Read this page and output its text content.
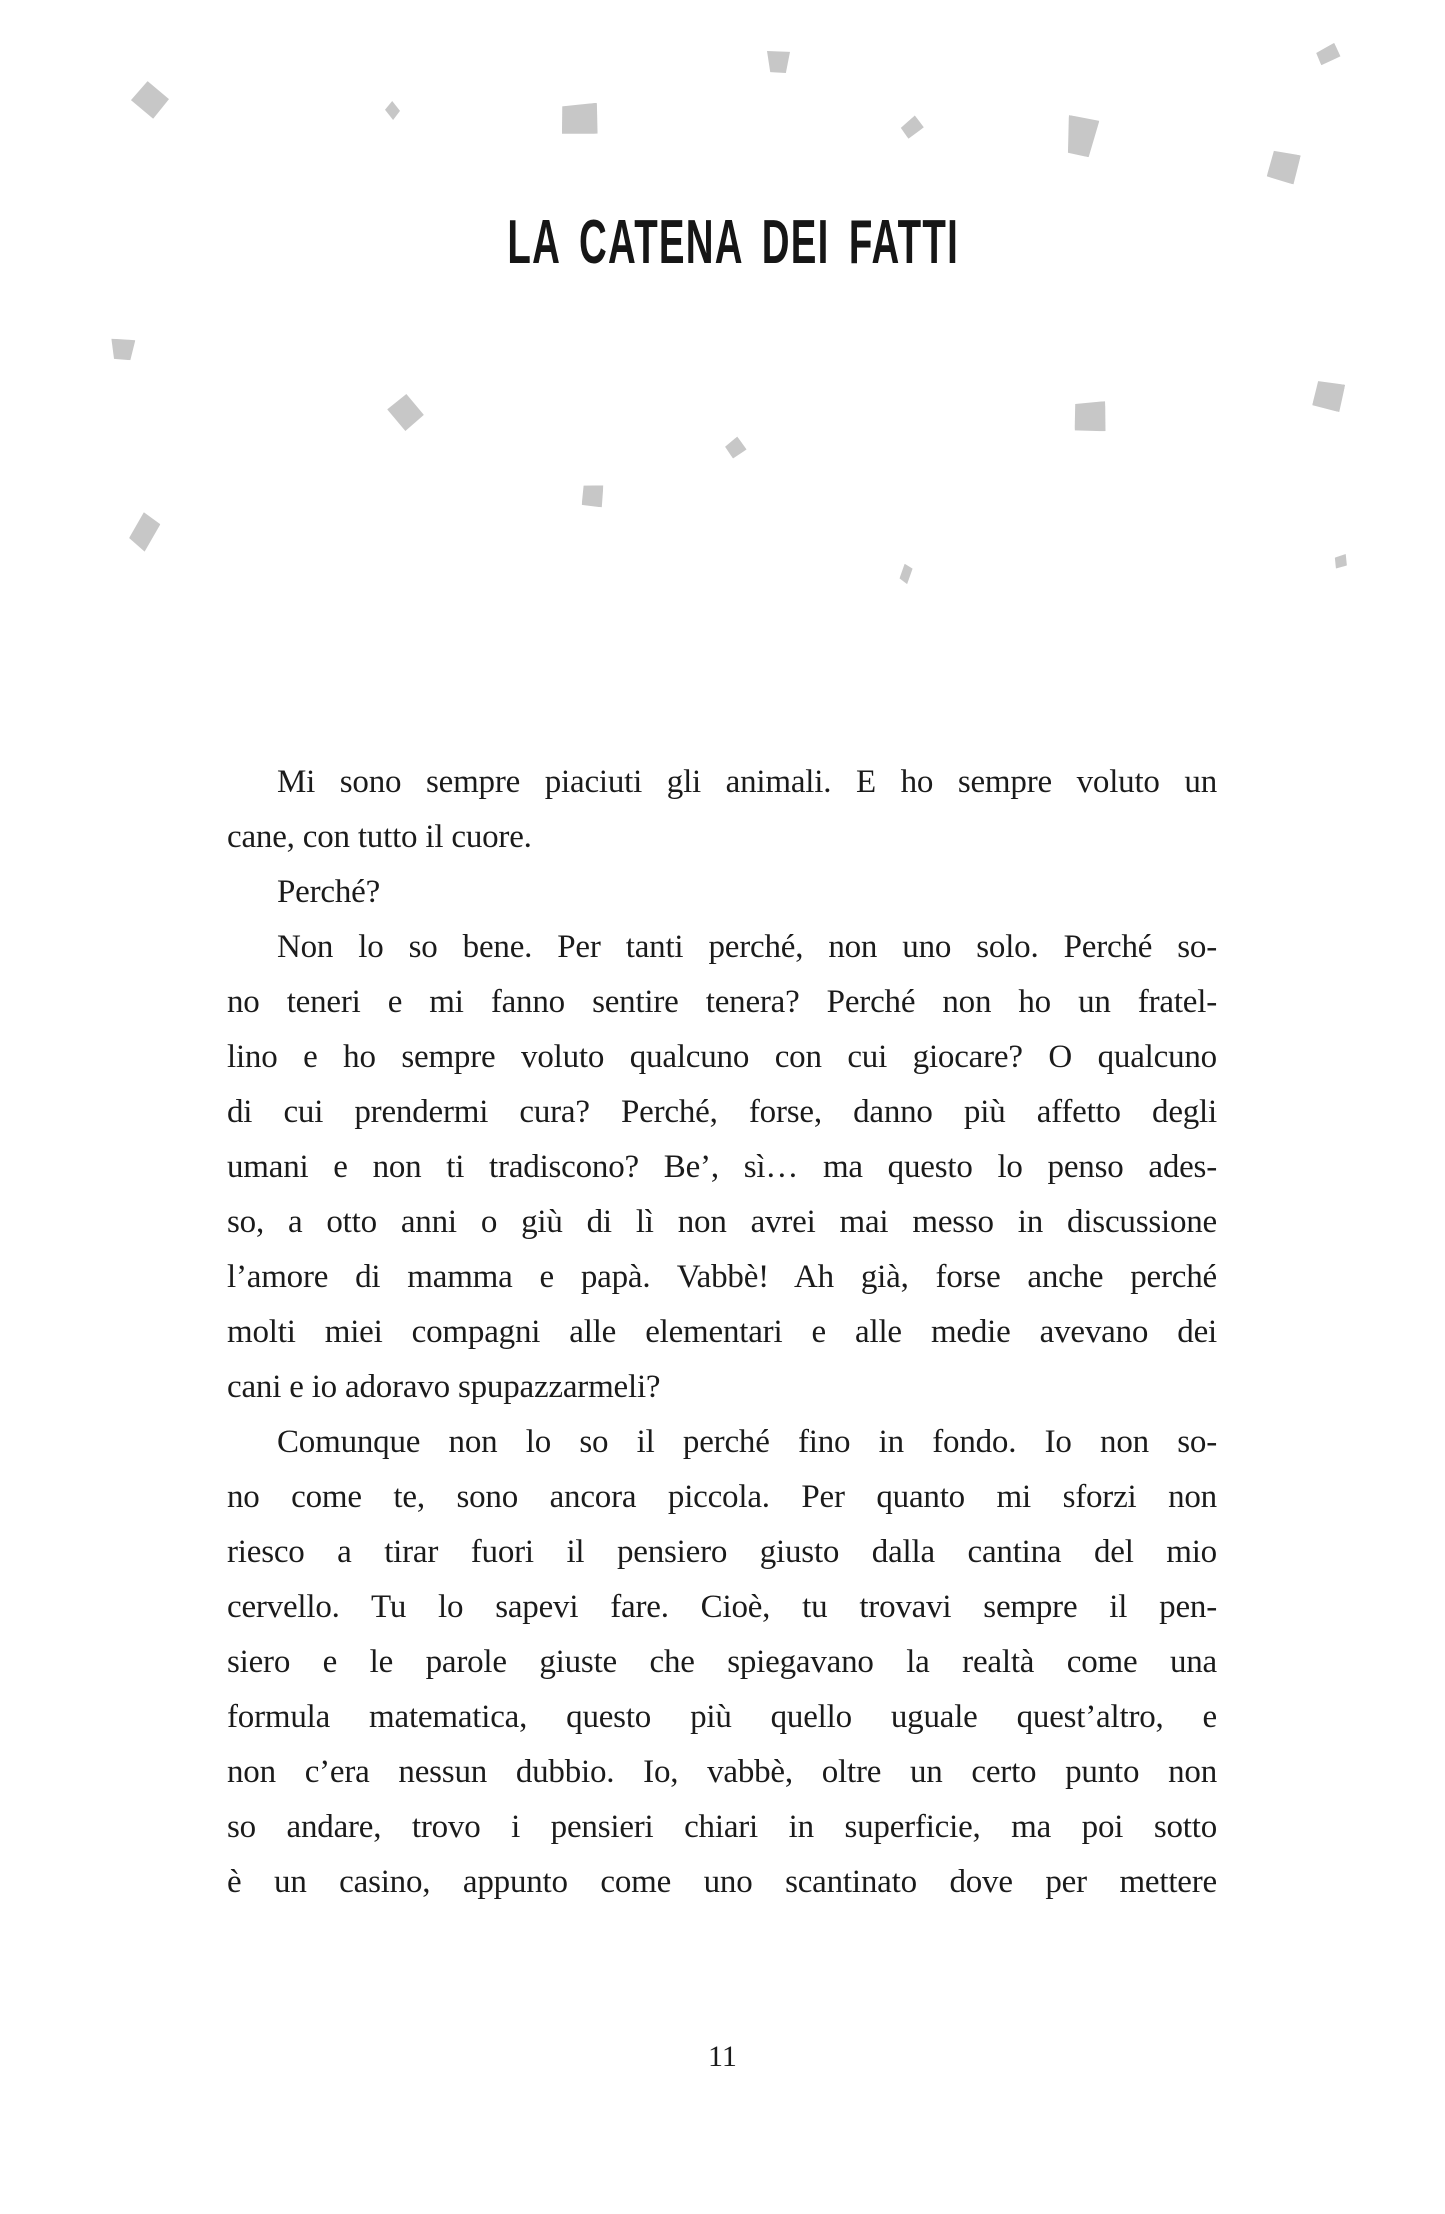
LA CATENA DEI FATTI
Mi sono sempre piaciuti gli animali. E ho sempre voluto un
cane, con tutto il cuore.
Perché?
Non lo so bene. Per tanti perché, non uno solo. Perché so-
no teneri e mi fanno sentire tenera? Perché non ho un fratel-
lino e ho sempre voluto qualcuno con cui giocare? O qualcuno
di cui prendermi cura? Perché, forse, danno più affetto degli
umani e non ti tradiscono? Be’, sì… ma questo lo penso ades-
so, a otto anni o giù di lì non avrei mai messo in discussione
l’amore di mamma e papà. Vabbè! Ah già, forse anche perché
molti miei compagni alle elementari e alle medie avevano dei
cani e io adoravo spupazzarmeli?
Comunque non lo so il perché fino in fondo. Io non so-
no come te, sono ancora piccola. Per quanto mi sforzi non
riesco a tirar fuori il pensiero giusto dalla cantina del mio
cervello. Tu lo sapevi fare. Cioè, tu trovavi sempre il pen-
siero e le parole giuste che spiegavano la realtà come una
formula matematica, questo più quello uguale quest’altro, e
non c’era nessun dubbio. Io, vabbè, oltre un certo punto non
so andare, trovo i pensieri chiari in superficie, ma poi sotto
è un casino, appunto come uno scantinato dove per mettere
11
